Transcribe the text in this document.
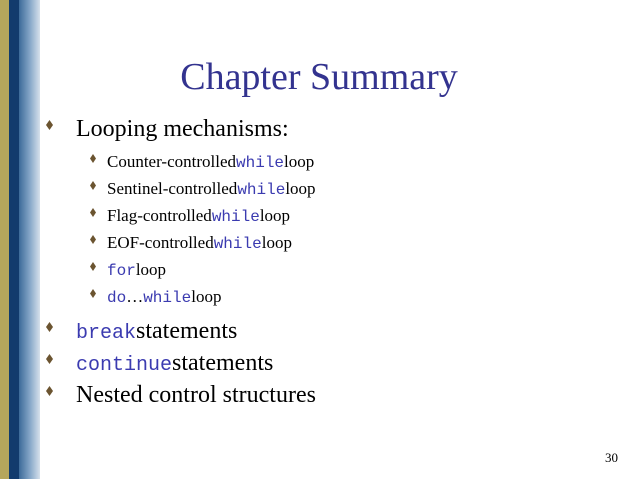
Chapter Summary
Looping mechanisms:
Counter-controlled while loop
Sentinel-controlled while loop
Flag-controlled while loop
EOF-controlled while loop
for loop
do … while loop
break statements
continue statements
Nested control structures
30
